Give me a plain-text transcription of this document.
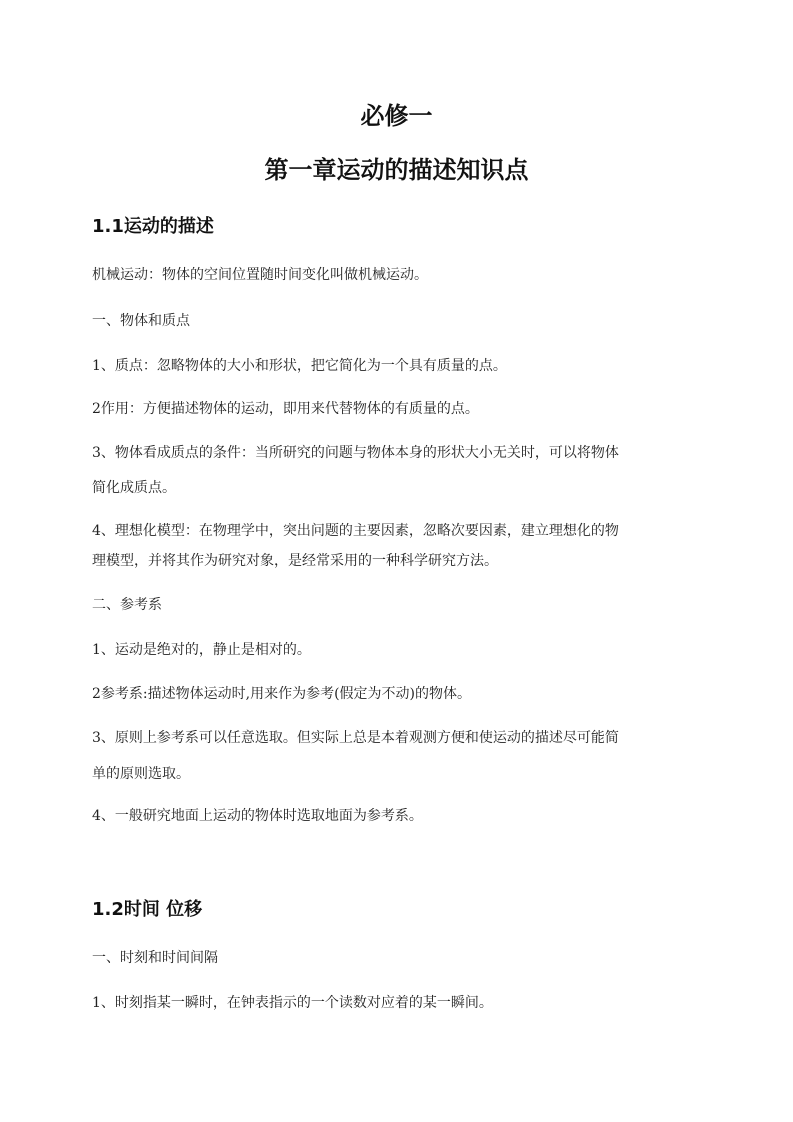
必修一
第一章运动的描述知识点
1.1运动的描述
机械运动：物体的空间位置随时间变化叫做机械运动。
一、物体和质点
1、质点：忽略物体的大小和形状，把它简化为一个具有质量的点。
2作用：方便描述物体的运动，即用来代替物体的有质量的点。
3、物体看成质点的条件：当所研究的问题与物体本身的形状大小无关时，可以将物体
简化成质点。
4、理想化模型：在物理学中，突出问题的主要因素，忽略次要因素，建立理想化的物
理模型，并将其作为研究对象，是经常采用的一种科学研究方法。
二、参考系
1、运动是绝对的，静止是相对的。
2参考系:描述物体运动时,用来作为参考(假定为不动)的物体。
3、原则上参考系可以任意选取。但实际上总是本着观测方便和使运动的描述尽可能简
单的原则选取。
4、一般研究地面上运动的物体时选取地面为参考系。
1.2时间 位移
一、时刻和时间间隔
1、时刻指某一瞬时，在钟表指示的一个读数对应着的某一瞬间。
